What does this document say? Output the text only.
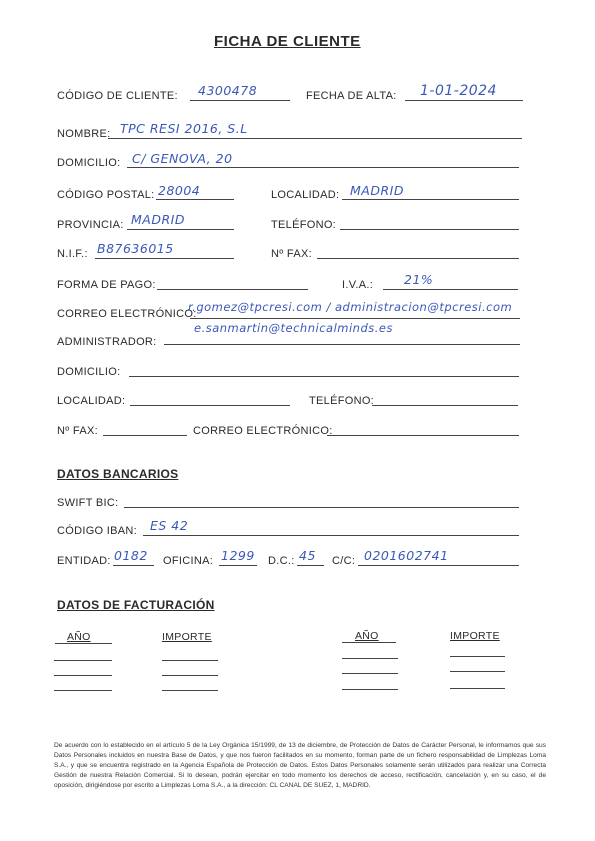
FICHA DE CLIENTE
CÓDIGO DE CLIENTE: 4300478	FECHA DE ALTA: 1-01-2024
NOMBRE: TPC RESI 2016, S.L
DOMICILIO: C/ GENOVA, 20
CÓDIGO POSTAL: 28004	LOCALIDAD: MADRID
PROVINCIA: MADRID	TELÉFONO:
N.I.F.: B87636015	Nº FAX:
FORMA DE PAGO:	I.V.A.: 21%
CORREO ELECTRÓNICO:
r.gomez@tpcresi.com / administracion@tpcresi.com
e.sanmartin@technicalminds.es
ADMINISTRADOR:
DOMICILIO:
LOCALIDAD:	TELÉFONO:
Nº FAX:	CORREO ELECTRÓNICO:
DATOS BANCARIOS
SWIFT BIC:
CÓDIGO IBAN: ES 42
ENTIDAD: 0182 OFICINA: 1299 D.C.: 45 C/C: 0201602741
DATOS DE FACTURACIÓN
AÑO	IMPORTE	AÑO	IMPORTE
De acuerdo con lo establecido en el artículo 5 de la Ley Orgánica 15/1999, de 13 de diciembre, de Protección de Datos de Carácter Personal, le informamos que sus Datos Personales incluidos en nuestra Base de Datos, y que nos fueron facilitados en su momento, forman parte de un fichero responsabilidad de Limplezas Loma S.A., y que se encuentra registrado en la Agencia Española de Protección de Datos. Estos Datos Personales solamente serán utilizados para realizar una Correcta Gestión de nuestra Relación Comercial. Si lo desean, podrán ejercitar en todo momento los derechos de acceso, rectificación, cancelación y, en su caso, el de oposición, dirigiéndose por escrito a Limplezas Loma S.A., a la dirección: CL CANAL DE SUEZ, 1, MADRID.
